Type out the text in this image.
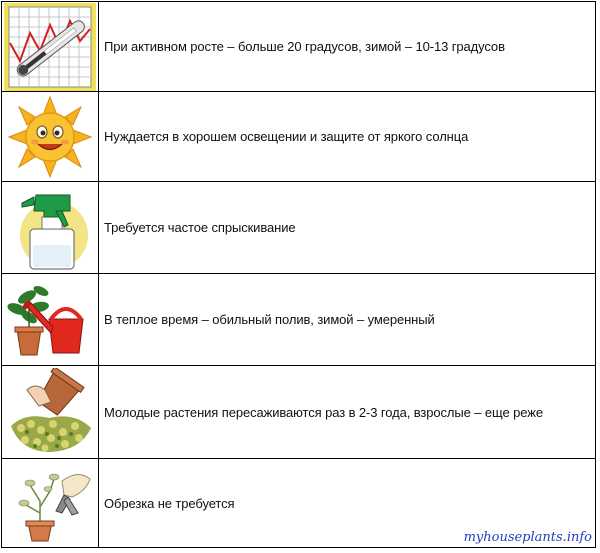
	При активном росте – больше 20 градусов, зимой – 10-13 градусов

	Нуждается в хорошем освещении и защите от яркого солнца

	Требуется частое спрыскивание

	В теплое время – обильный полив, зимой – умеренный

	Молодые растения пересаживаются раз в 2-3 года, взрослые – еще реже

	Обрезка не требуется
myhouseplants.info
